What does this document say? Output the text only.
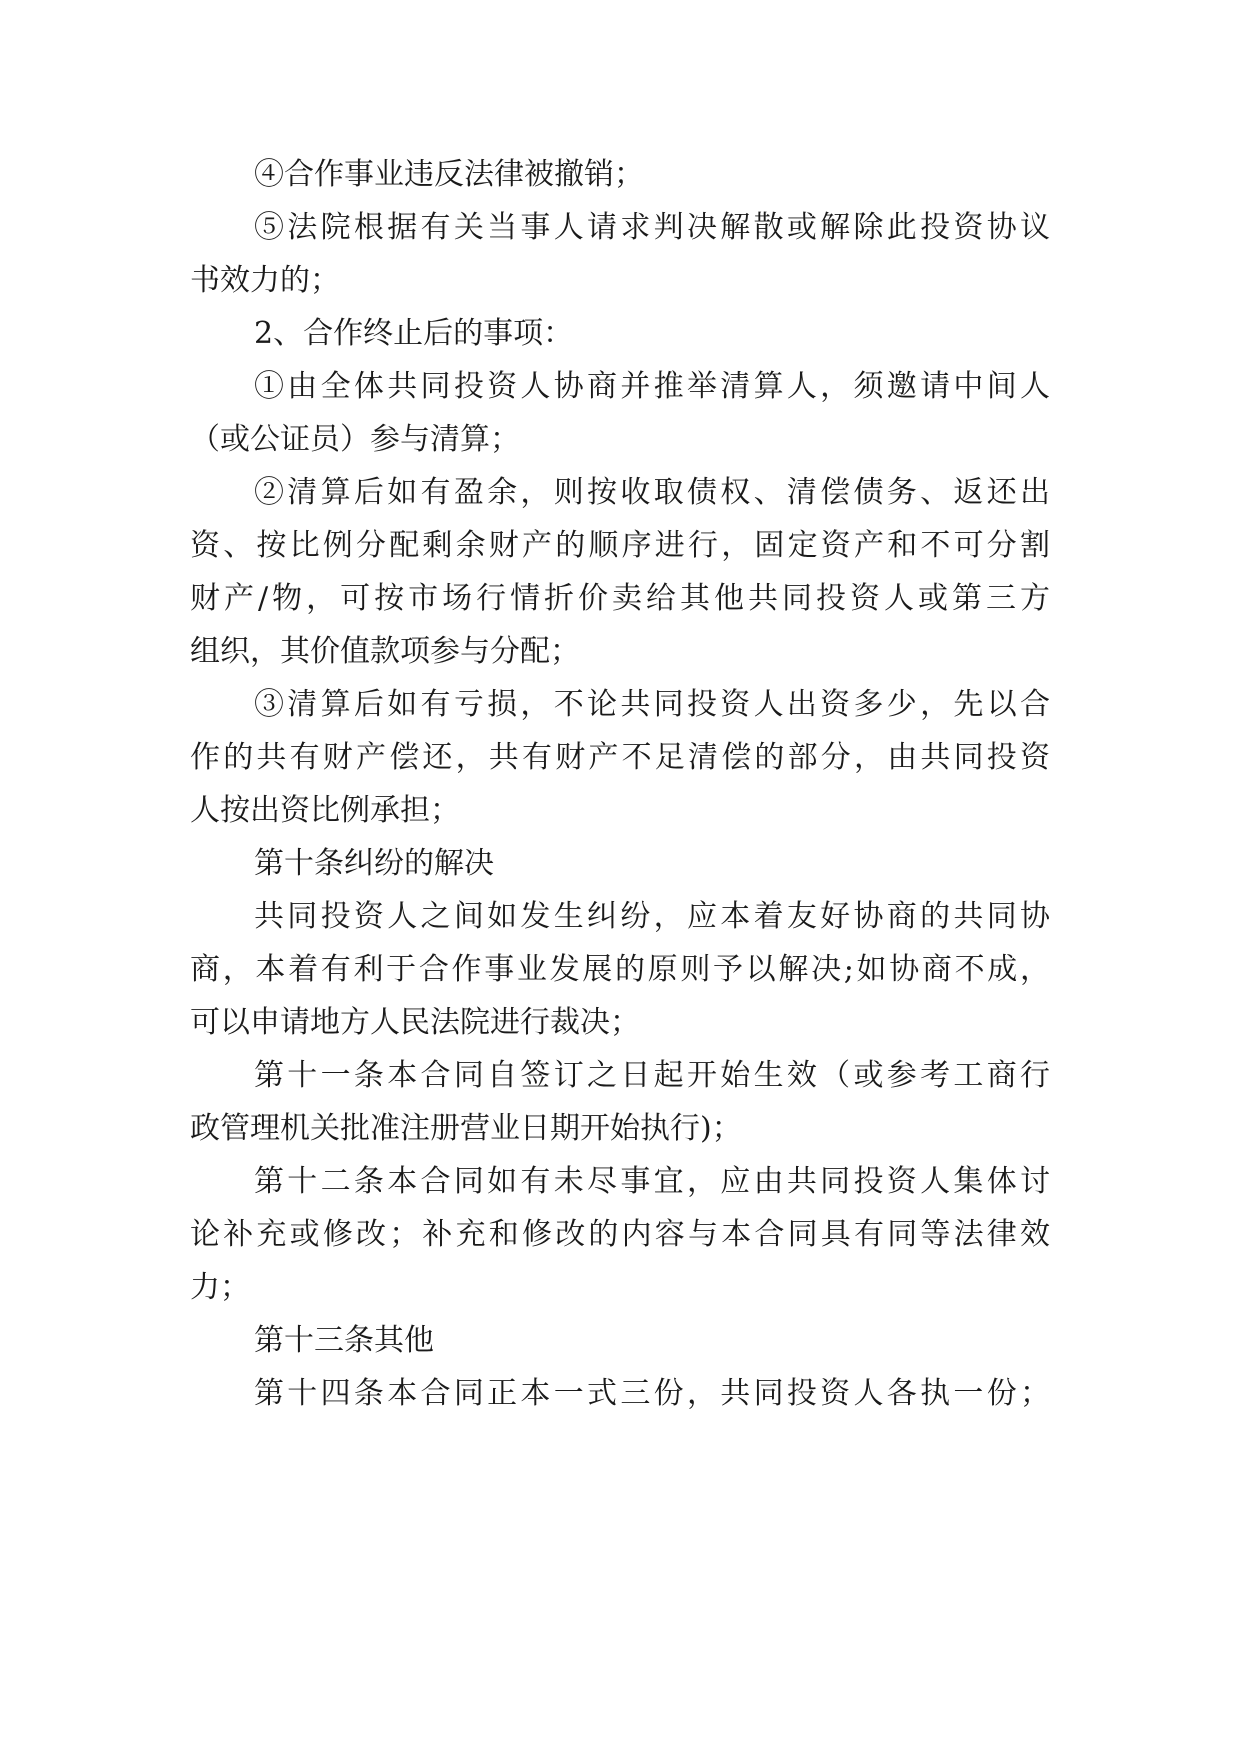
④合作事业违反法律被撤销；
⑤法院根据有关当事人请求判决解散或解除此投资协议
书效力的；
2、合作终止后的事项：
①由全体共同投资人协商并推举清算人，须邀请中间人
（或公证员）参与清算；
②清算后如有盈余，则按收取债权、清偿债务、返还出
资、按比例分配剩余财产的顺序进行，固定资产和不可分割
财产/物，可按市场行情折价卖给其他共同投资人或第三方
组织，其价值款项参与分配；
③清算后如有亏损，不论共同投资人出资多少，先以合
作的共有财产偿还，共有财产不足清偿的部分，由共同投资
人按出资比例承担；
第十条纠纷的解决
共同投资人之间如发生纠纷，应本着友好协商的共同协
商，本着有利于合作事业发展的原则予以解决;如协商不成，
可以申请地方人民法院进行裁决；
第十一条本合同自签订之日起开始生效（或参考工商行
政管理机关批准注册营业日期开始执行)；
第十二条本合同如有未尽事宜，应由共同投资人集体讨
论补充或修改；补充和修改的内容与本合同具有同等法律效
力；
第十三条其他
第十四条本合同正本一式三份，共同投资人各执一份；
